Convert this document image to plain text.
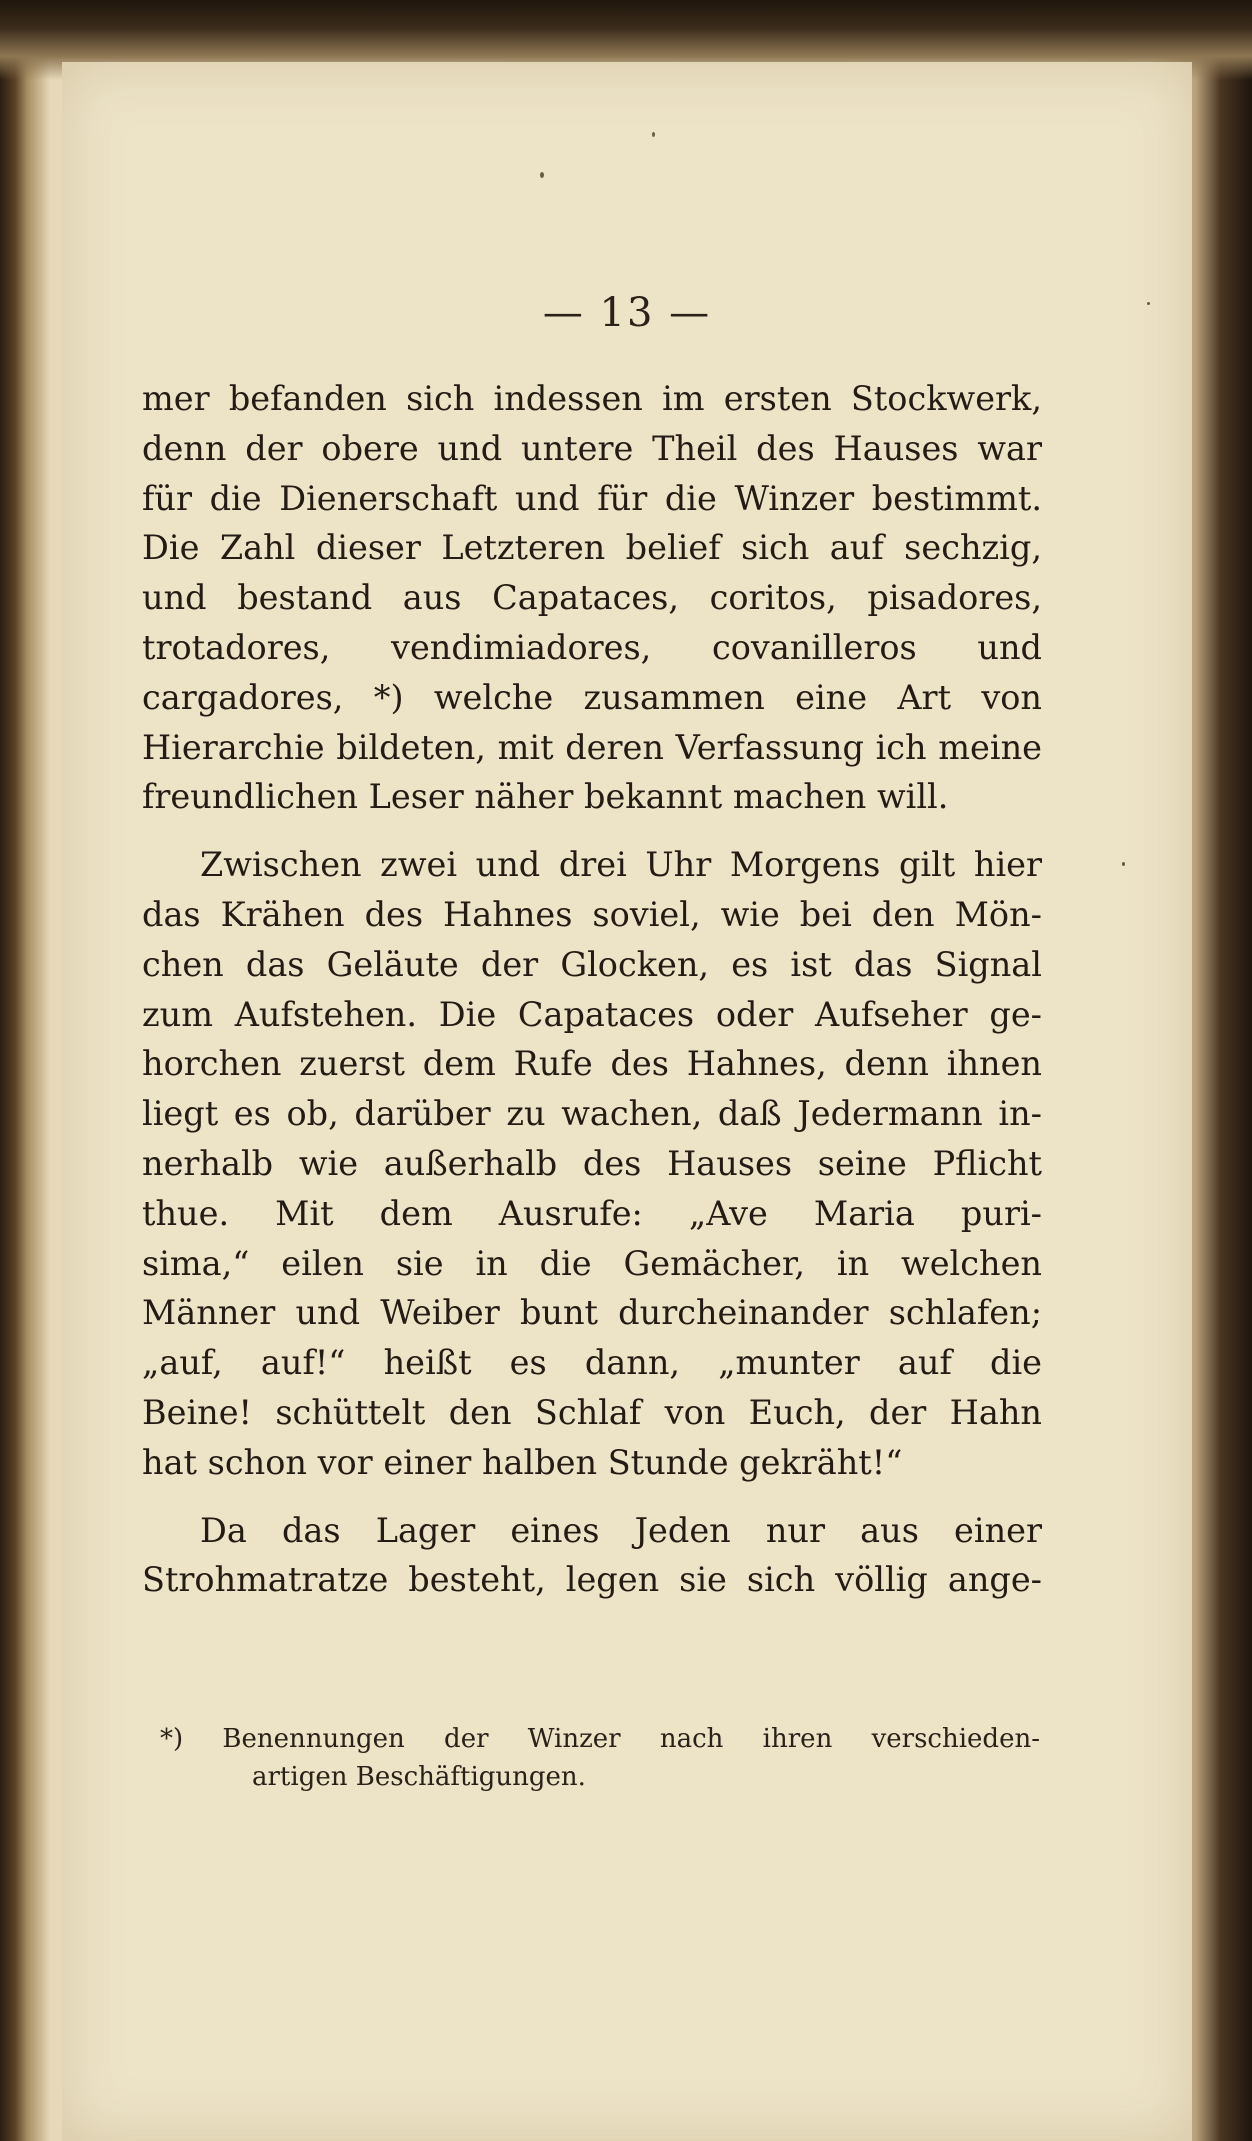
— 13 —
mer befanden sich indessen im ersten Stockwerk,
denn der obere und untere Theil des Hauses war
für die Dienerschaft und für die Winzer bestimmt.
Die Zahl dieser Letzteren belief sich auf sechzig,
und bestand aus Capataces, coritos, pisadores,
trotadores, vendimiadores, covanilleros und
cargadores, *) welche zusammen eine Art von
Hierarchie bildeten, mit deren Verfassung ich meine
freundlichen Leser näher bekannt machen will.
Zwischen zwei und drei Uhr Morgens gilt hier
das Krähen des Hahnes soviel, wie bei den Mön-
chen das Geläute der Glocken, es ist das Signal
zum Aufstehen. Die Capataces oder Aufseher ge-
horchen zuerst dem Rufe des Hahnes, denn ihnen
liegt es ob, darüber zu wachen, daß Jedermann in-
nerhalb wie außerhalb des Hauses seine Pflicht
thue. Mit dem Ausrufe: „Ave Maria puri-
sima,“ eilen sie in die Gemächer, in welchen
Männer und Weiber bunt durcheinander schlafen;
„auf, auf!“ heißt es dann, „munter auf die
Beine! schüttelt den Schlaf von Euch, der Hahn
hat schon vor einer halben Stunde gekräht!“
Da das Lager eines Jeden nur aus einer
Strohmatratze besteht, legen sie sich völlig ange-
*) Benennungen der Winzer nach ihren verschieden-
artigen Beschäftigungen.
